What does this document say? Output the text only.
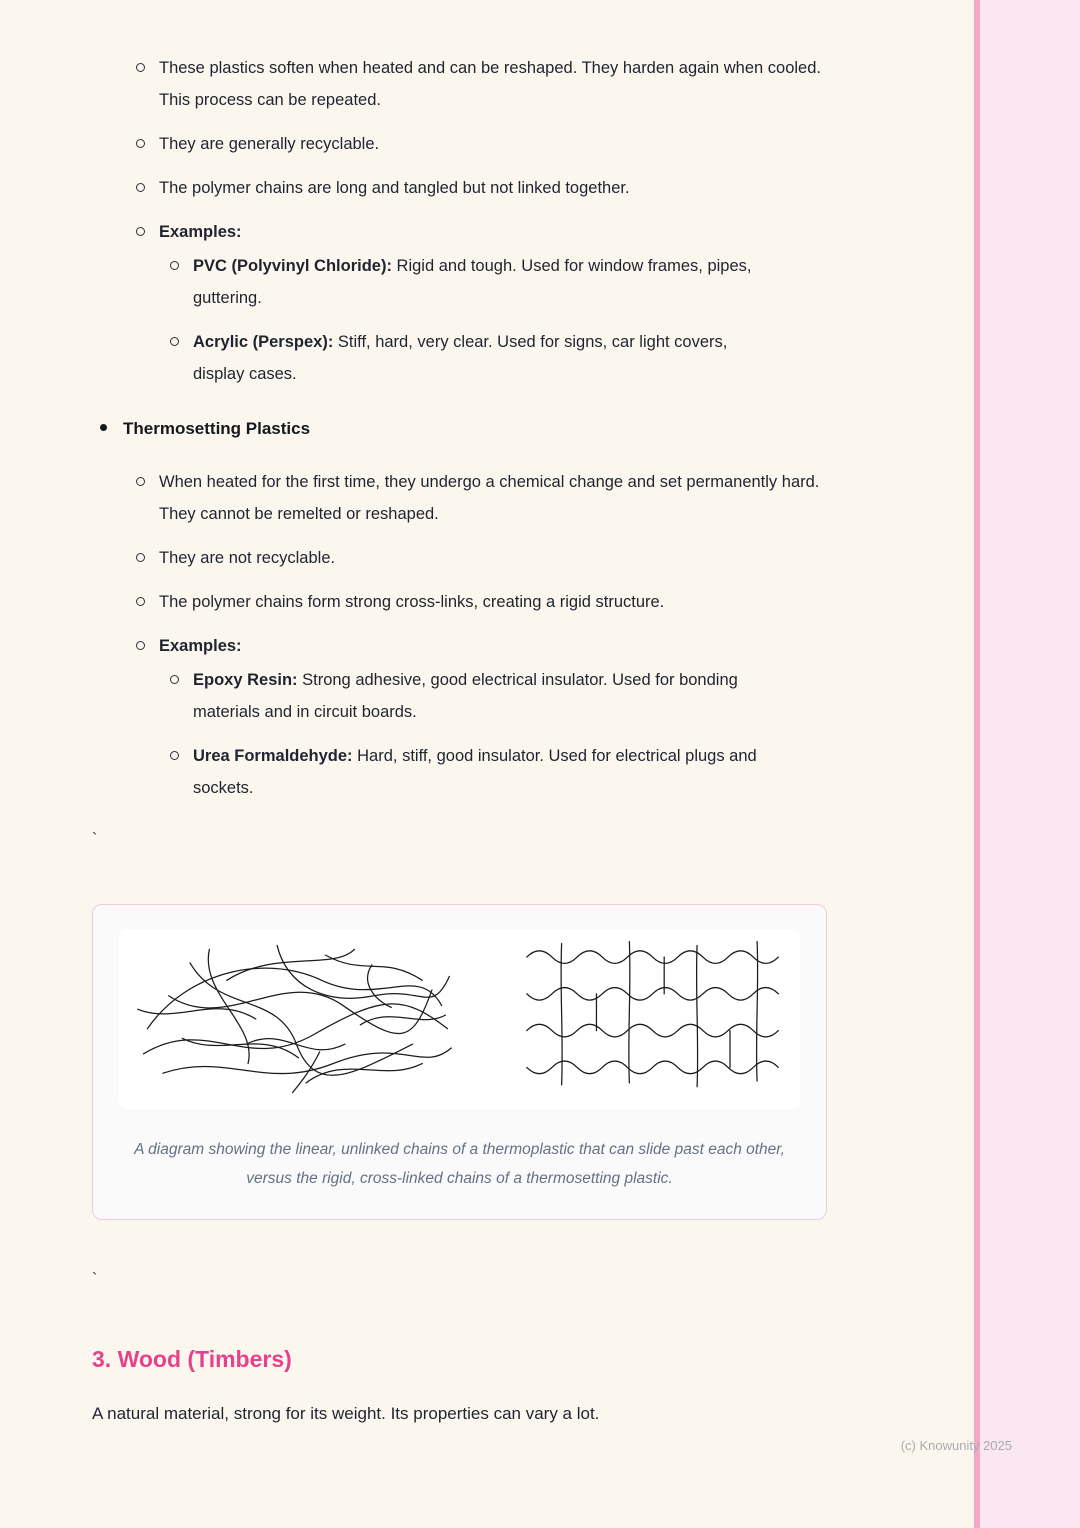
These plastics soften when heated and can be reshaped. They harden again when cooled. This process can be repeated.
They are generally recyclable.
The polymer chains are long and tangled but not linked together.
Examples:
PVC (Polyvinyl Chloride): Rigid and tough. Used for window frames, pipes, guttering.
Acrylic (Perspex): Stiff, hard, very clear. Used for signs, car light covers, display cases.
Thermosetting Plastics
When heated for the first time, they undergo a chemical change and set permanently hard. They cannot be remelted or reshaped.
They are not recyclable.
The polymer chains form strong cross-links, creating a rigid structure.
Examples:
Epoxy Resin: Strong adhesive, good electrical insulator. Used for bonding materials and in circuit boards.
Urea Formaldehyde: Hard, stiff, good insulator. Used for electrical plugs and sockets.
`

A diagram showing the linear, unlinked chains of a thermoplastic that can slide past each other, versus the rigid, cross-linked chains of a thermosetting plastic.

`
3. Wood (Timbers)

A natural material, strong for its weight. Its properties can vary a lot.

(c) Knowunity 2025
